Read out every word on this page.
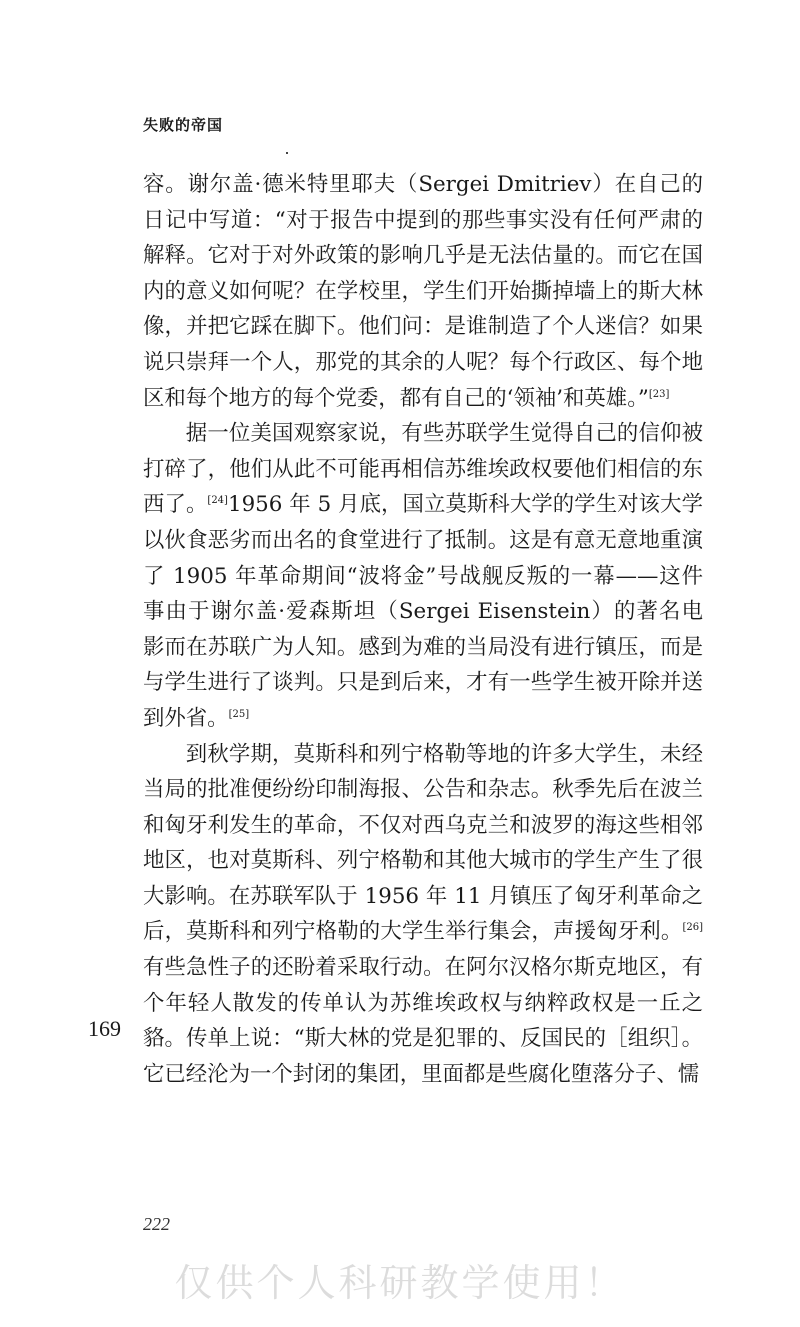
失败的帝国

容。谢尔盖·德米特里耶夫（Sergei Dmitriev）在自己的日记中写道：“对于报告中提到的那些事实没有任何严肃的解释。它对于对外政策的影响几乎是无法估量的。而它在国内的意义如何呢？在学校里，学生们开始撕掉墙上的斯大林像，并把它踩在脚下。他们问：是谁制造了个人迷信？如果说只崇拜一个人，那党的其余的人呢？每个行政区、每个地区和每个地方的每个党委，都有自己的‘领袖’和英雄。”[23]

据一位美国观察家说，有些苏联学生觉得自己的信仰被打碎了，他们从此不可能再相信苏维埃政权要他们相信的东西了。[24]1956 年 5 月底，国立莫斯科大学的学生对该大学以伙食恶劣而出名的食堂进行了抵制。这是有意无意地重演了 1905 年革命期间“波将金”号战舰反叛的一幕——这件事由于谢尔盖·爱森斯坦（Sergei Eisenstein）的著名电影而在苏联广为人知。感到为难的当局没有进行镇压，而是与学生进行了谈判。只是到后来，才有一些学生被开除并送到外省。[25]

到秋学期，莫斯科和列宁格勒等地的许多大学生，未经当局的批准便纷纷印制海报、公告和杂志。秋季先后在波兰和匈牙利发生的革命，不仅对西乌克兰和波罗的海这些相邻地区，也对莫斯科、列宁格勒和其他大城市的学生产生了很大影响。在苏联军队于 1956 年 11 月镇压了匈牙利革命之后，莫斯科和列宁格勒的大学生举行集会，声援匈牙利。[26]有些急性子的还盼着采取行动。在阿尔汉格尔斯克地区，有个年轻人散发的传单认为苏维埃政权与纳粹政权是一丘之貉。传单上说：“斯大林的党是犯罪的、反国民的［组织］。它已经沦为一个封闭的集团，里面都是些腐化堕落分子、懦

169
222
仅供个人科研教学使用！
